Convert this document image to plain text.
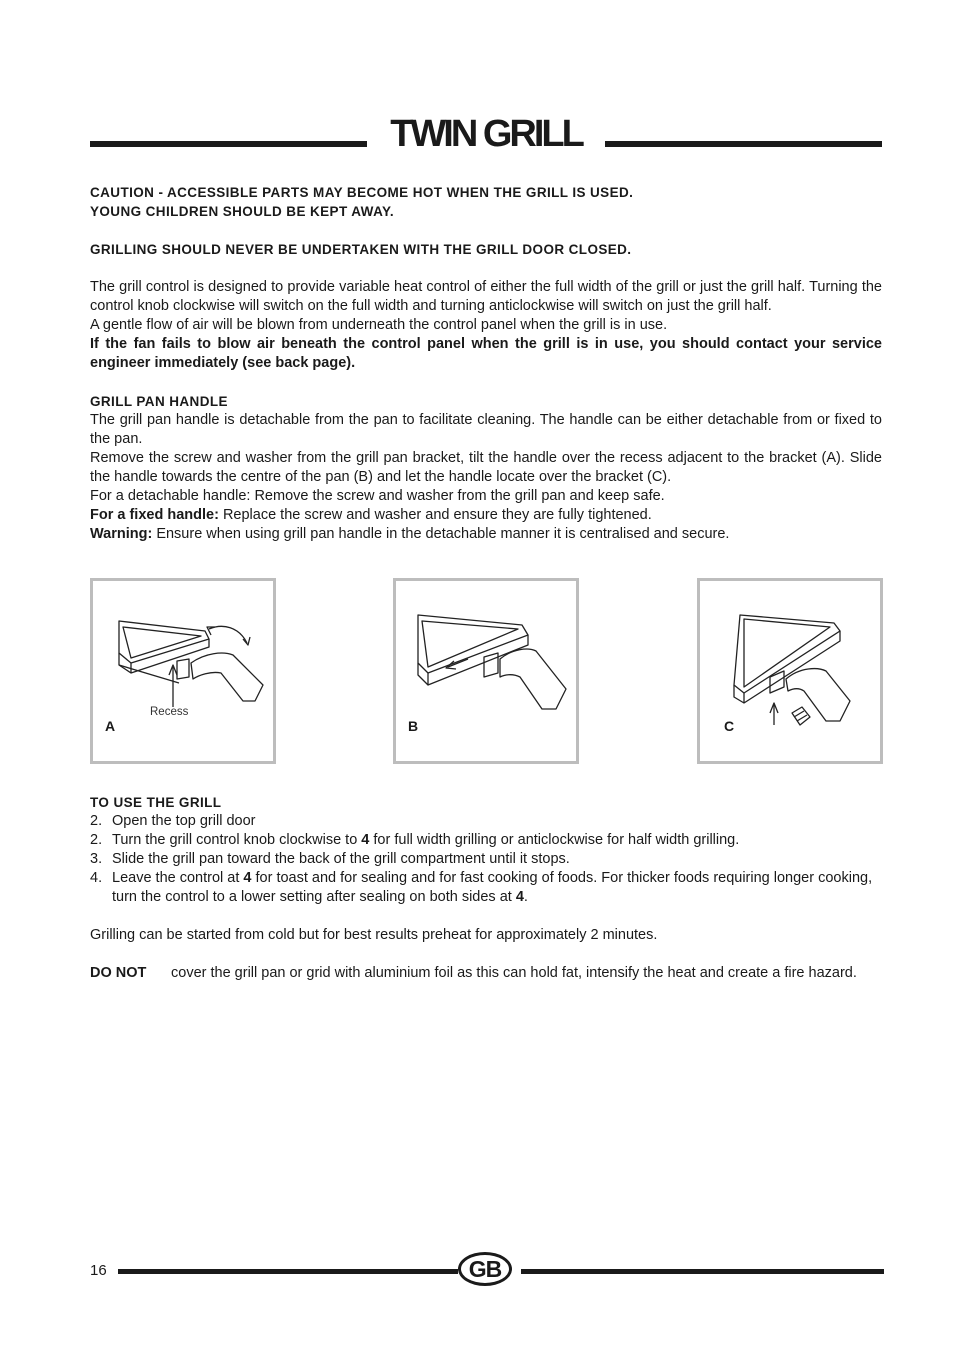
TWIN GRILL

CAUTION - ACCESSIBLE PARTS MAY BECOME HOT WHEN THE GRILL IS USED.

YOUNG CHILDREN SHOULD BE KEPT AWAY.

GRILLING SHOULD NEVER BE UNDERTAKEN WITH THE GRILL DOOR CLOSED.

The grill control is designed to provide variable heat control of either the full width of the grill or just the grill half. Turning the control knob clockwise will switch on the full width and turning anticlockwise will switch on just the grill half.

A gentle flow of air will be blown from underneath the control panel when the grill is in use.

If the fan fails to blow air beneath the control panel when the grill is in use, you should contact your service engineer immediately (see back page).

GRILL PAN HANDLE

The grill pan handle is detachable from the pan to facilitate cleaning. The handle can be either detachable from or fixed to the pan.

Remove the screw and washer from the grill pan bracket, tilt the handle over the recess adjacent to the bracket (A). Slide the handle towards the centre of the pan (B) and let the handle locate over the bracket (C).

For a detachable handle: Remove the screw and washer from the grill pan and keep safe.

For a fixed handle: Replace the screw and washer and ensure they are fully tightened.

Warning: Ensure when using grill pan handle in the detachable manner it is centralised and secure.

A
Recess
B	C

TO USE THE GRILL

2. Open the top grill door
2. Turn the grill control knob clockwise to 4 for full width grilling or anticlockwise for half width grilling.
3. Slide the grill pan toward the back of the grill compartment until it stops.
4. Leave the control at 4 for toast and for sealing and for fast cooking of foods. For thicker foods requiring longer cooking, turn the control to a lower setting after sealing on both sides at 4.

Grilling can be started from cold but for best results preheat for approximately 2 minutes.

DO NOT	cover the grill pan or grid with aluminium foil as this can hold fat, intensify the heat and create a fire hazard.
16	GB
